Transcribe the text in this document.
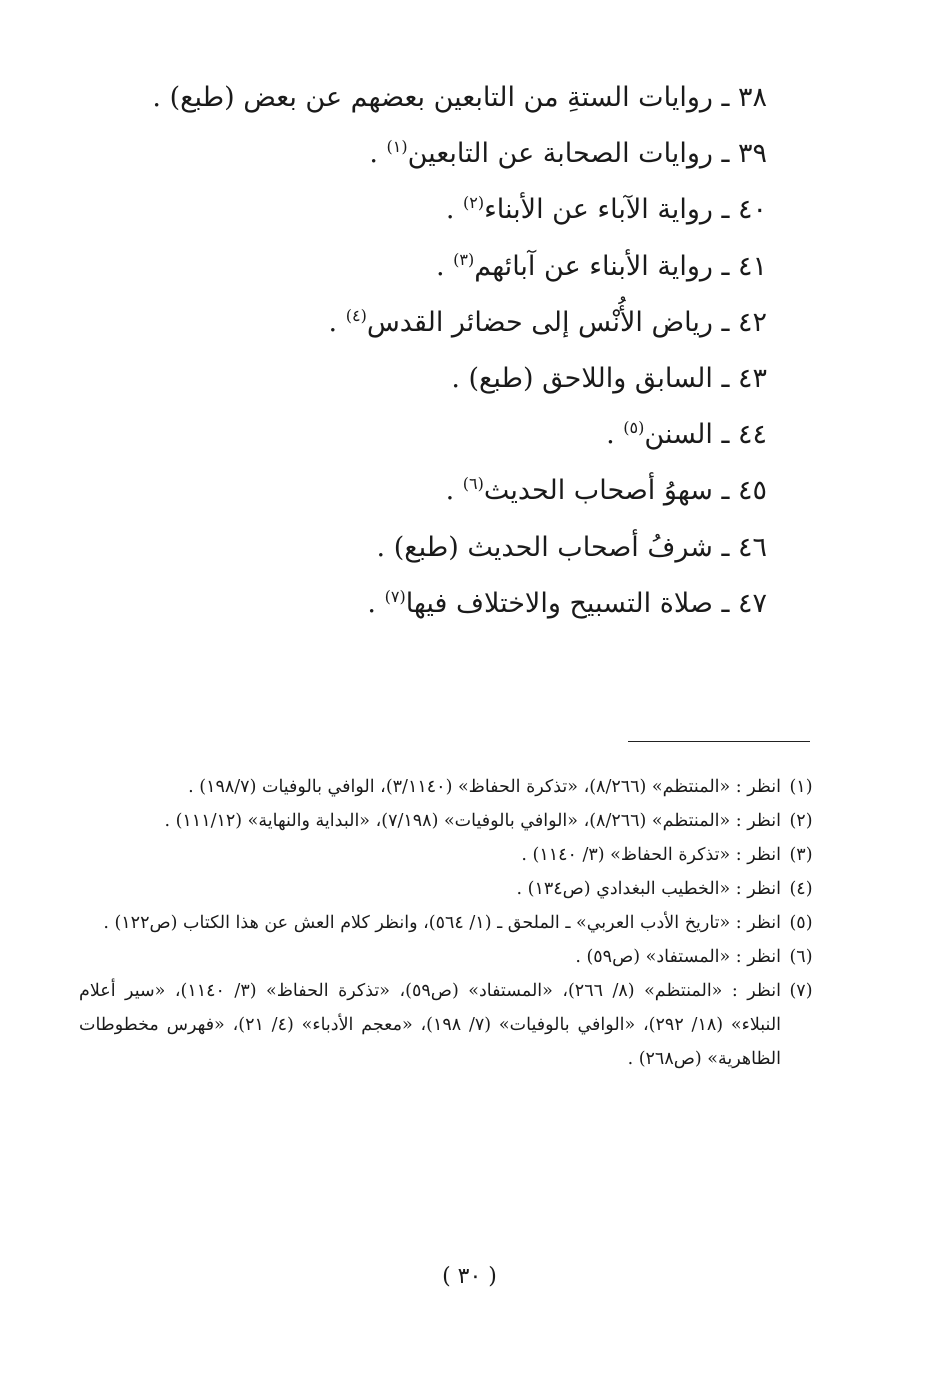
٣٨ ـ روايات الستةِ من التابعين بعضهم عن بعض (طبع) .
٣٩ ـ روايات الصحابة عن التابعين$^{(١)}$ .
٤٠ ـ رواية الآباء عن الأبناء$^{(٢)}$ .
٤١ ـ رواية الأبناء عن آبائهم$^{(٣)}$ .
٤٢ ـ رياض الأُنْس إلى حضائر القدس$^{(٤)}$ .
٤٣ ـ السابق واللاحق (طبع) .
٤٤ ـ السنن$^{(٥)}$ .
٤٥ ـ سهوُ أصحاب الحديث$^{(٦)}$ .
٤٦ ـ شرفُ أصحاب الحديث (طبع) .
٤٧ ـ صلاة التسبيح والاختلاف فيها$^{(٧)}$ .
(١)
انظر : «المنتظم» (٨/٢٦٦)، «تذكرة الحفاظ» (٣/١١٤٠)، الوافي بالوفيات (١٩٨/٧) .
(٢)
انظر : «المنتظم» (٨/٢٦٦)، «الوافي بالوفيات» (٧/١٩٨)، «البداية والنهاية» (١١١/١٢) .
(٣)
انظر : «تذكرة الحفاظ» (٣/ ١١٤٠) .
(٤)
انظر : «الخطيب البغدادي (ص١٣٤) .
(٥)
انظر : «تاريخ الأدب العربي» ـ الملحق ـ (١/ ٥٦٤)، وانظر كلام العش عن هذا الكتاب (ص١٢٢) .
(٦)
انظر : «المستفاد» (ص٥٩) .
(٧)
انظر : «المنتظم» (٨/ ٢٦٦)، «المستفاد» (ص٥٩)، «تذكرة الحفاظ» (٣/ ١١٤٠)، «سير أعلام النبلاء» (١٨/ ٢٩٢)، «الوافي بالوفيات» (٧/ ١٩٨)، «معجم الأدباء» (٤/ ٢١)، «فهرس مخطوطات الظاهرية» (ص٢٦٨) .
( ٣٠ )
